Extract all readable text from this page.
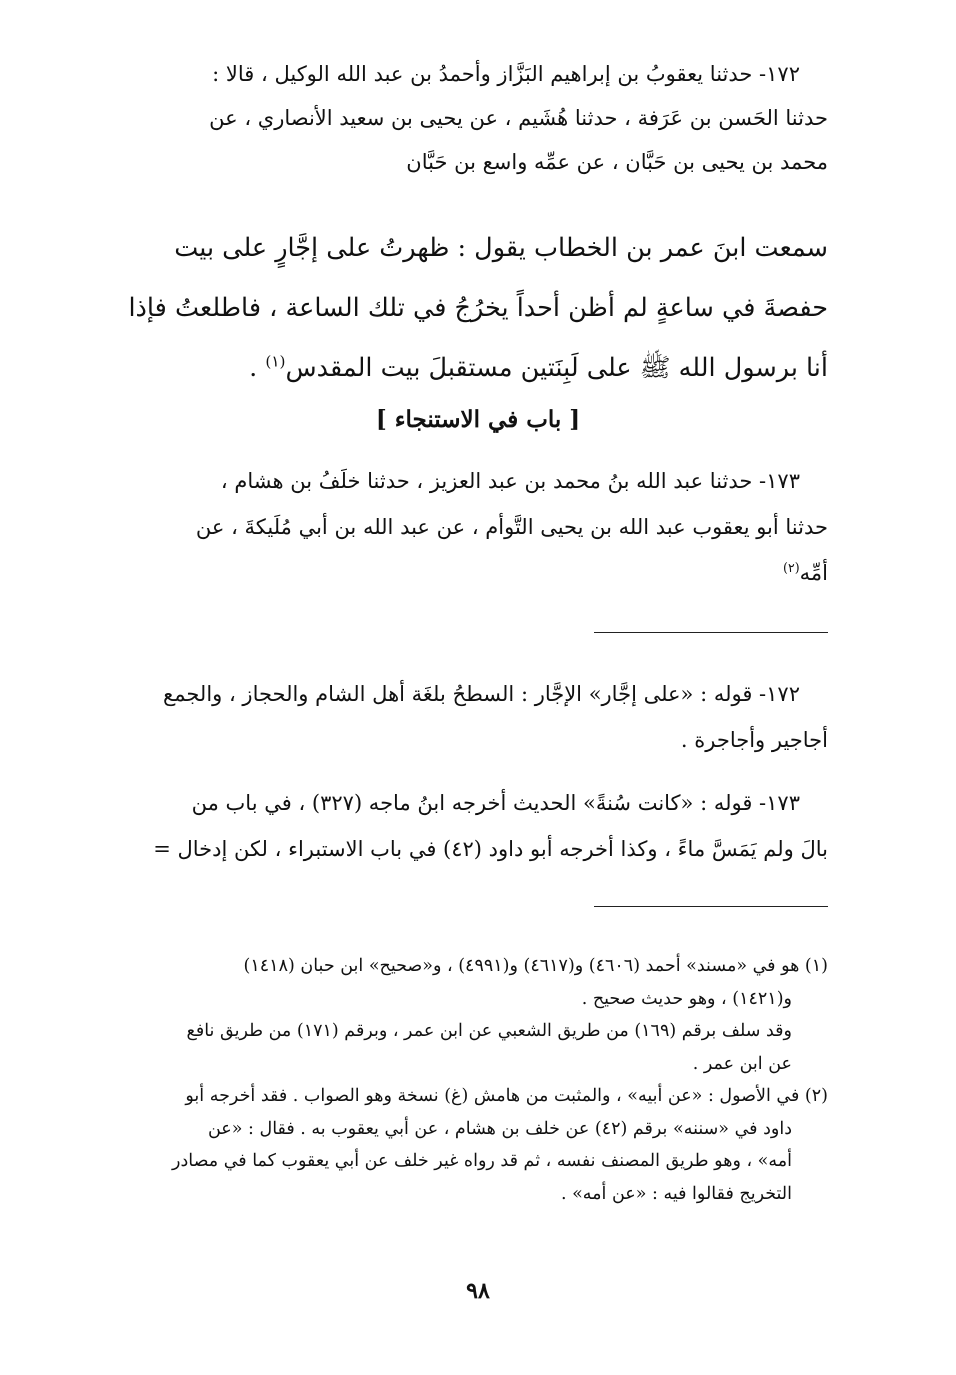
١٧٢- حدثنا يعقوبُ بن إبراهيم البَزَّاز وأحمدُ بن عبد الله الوكيل ، قالا :
حدثنا الحَسن بن عَرَفة ، حدثنا هُشَيم ، عن يحيى بن سعيد الأنصاري ، عن
محمد بن يحيى بن حَبَّان ، عن عمِّه واسع بن حَبَّان
سمعت ابنَ عمر بن الخطاب يقول : ظهرتُ على إجَّارٍ على بيت
حفصةَ في ساعةٍ لم أظن أحداً يخرُجُ في تلك الساعة ، فاطلعتُ فإذا
أنا برسول الله ﷺ على لَبِنَتين مستقبلَ بيت المقدس$^{(١)}$ .
[ باب في الاستنجاء ]
١٧٣- حدثنا عبد الله بنُ محمد بن عبد العزيز ، حدثنا خلَفُ بن هشام ،
حدثنا أبو يعقوب عبد الله بن يحيى التَّوأم ، عن عبد الله بن أبي مُلَيكةَ ، عن
أمِّه$^{(٢)}$
١٧٢- قوله : «على إجَّار» الإجَّار : السطحُ بلغَة أهل الشام والحجاز ، والجمع
أجاجير وأجاجرة .
١٧٣- قوله : «كانت سُنةً» الحديث أخرجه ابنُ ماجه (٣٢٧) ، في باب من
بالَ ولم يَمَسَّ ماءً ، وكذا أخرجه أبو داود (٤٢) في باب الاستبراء ، لكن إدخال =
(١) هو في «مسند» أحمد (٤٦٠٦) و(٤٦١٧) و(٤٩٩١) ، و«صحيح» ابن حبان (١٤١٨)
و(١٤٢١) ، وهو حديث صحيح .
وقد سلف برقم (١٦٩) من طريق الشعبي عن ابن عمر ، وبرقم (١٧١) من طريق نافع
عن ابن عمر .
(٢) في الأصول : «عن أبيه» ، والمثبت من هامش (غ) نسخة وهو الصواب . فقد أخرجه أبو
داود في «سننه» برقم (٤٢) عن خلف بن هشام ، عن أبي يعقوب به . فقال : «عن
أمه» ، وهو طريق المصنف نفسه ، ثم قد رواه غير خلف عن أبي يعقوب كما في مصادر
التخريج فقالوا فيه : «عن أمه» .
٩٨
